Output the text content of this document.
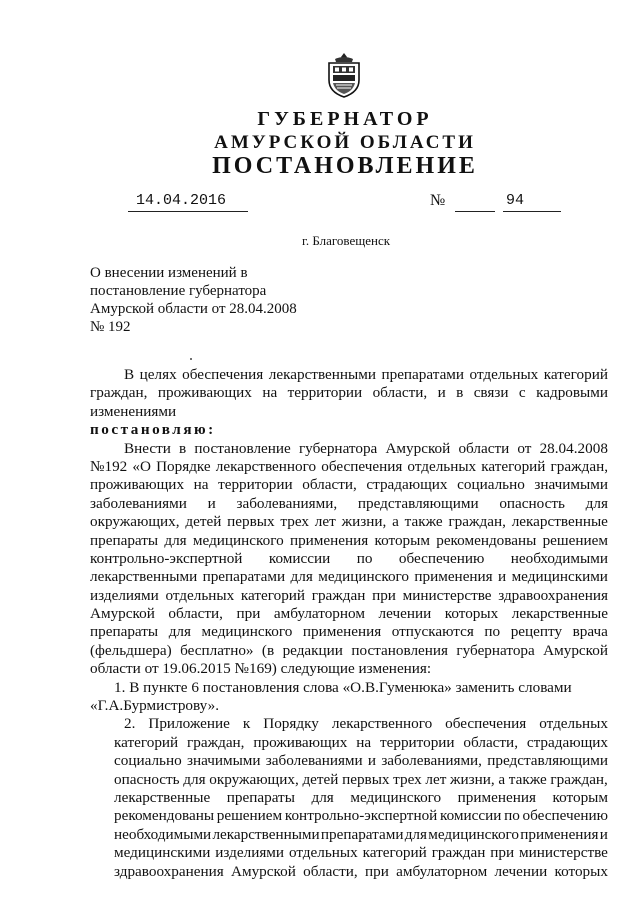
ГУБЕРНАТОР
АМУРСКОЙ ОБЛАСТИ
ПОСТАНОВЛЕНИЕ
14.04.2016	№	94
г. Благовещенск
О внесении изменений в
постановление губернатора
Амурской области от 28.04.2008
№ 192
В целях обеспечения лекарственными препаратами отдельных категорий
граждан, проживающих на территории области, и в связи с кадровыми
изменениями
постановляю:
Внести в постановление губернатора Амурской области от 28.04.2008
№192 «О Порядке лекарственного обеспечения отдельных категорий граждан,
проживающих на территории области, страдающих социально значимыми
заболеваниями и заболеваниями, представляющими опасность для
окружающих, детей первых трех лет жизни, а также граждан, лекарственные
препараты для медицинского применения которым рекомендованы решением
контрольно-экспертной комиссии по обеспечению необходимыми
лекарственными препаратами для медицинского применения и медицинскими
изделиями отдельных категорий граждан при министерстве здравоохранения
Амурской области, при амбулаторном лечении которых лекарственные
препараты для медицинского применения отпускаются по рецепту врача
(фельдшера) бесплатно» (в редакции постановления губернатора Амурской
области от 19.06.2015 №169) следующие изменения:
1. В пункте 6 постановления слова «О.В.Гуменюка» заменить словами
«Г.А.Бурмистрову».
2. Приложение к Порядку лекарственного обеспечения отдельных
категорий граждан, проживающих на территории области, страдающих
социально значимыми заболеваниями и заболеваниями, представляющими
опасность для окружающих, детей первых трех лет жизни, а также граждан,
лекарственные препараты для медицинского применения которым
рекомендованы решением контрольно-экспертной комиссии по обеспечению
необходимыми лекарственными препаратами для медицинского применения и
медицинскими изделиями отдельных категорий граждан при министерстве
здравоохранения Амурской области, при амбулаторном лечении которых
